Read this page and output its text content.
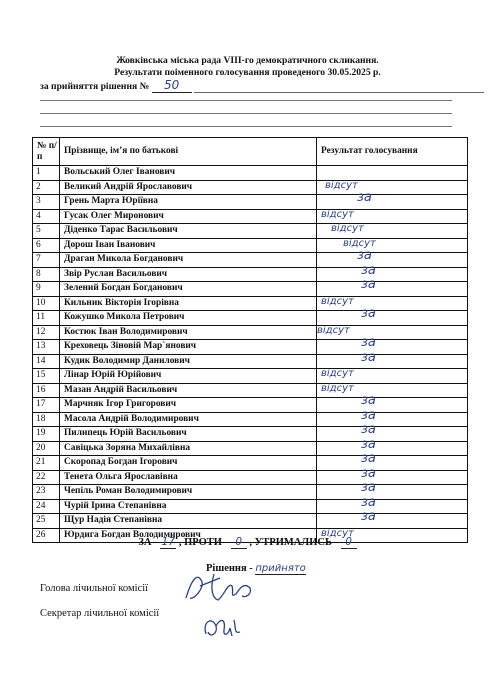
Жовківська міська рада VIII-го демократичного скликання.
Результати поіменного голосування проведеного 30.05.2025 р.
за прийняття рішення № 50
№ п/п	Прізвище, ім’я по батькові	Результат голосування
1	Вольський Олег Іванович	

2	Великий Андрій Ярославович	відсут

3	Грень Марта Юріївна	за

4	Гусак Олег Миронович	відсут

5	Діденко Тарас Васильович	відсут

6	Дорош Іван Іванович	відсут

7	Драган Микола Богданович	за

8	Звір Руслан Васильович	за

9	Зелений Богдан Богданович	за

10	Кильник Вікторія Ігорівна	відсут

11	Кожушко Микола Петрович	за

12	Костюк Іван Володимирович	відсут

13	Креховець Зіновій Мар`янович	за

14	Кудик Володимир Данилович	за

15	Лінар Юрій Юрійович	відсут

16	Мазан Андрій Васильович	відсут

17	Марчняк Ігор Григорович	за

18	Масола Андрій Володимирович	за

19	Пилипець Юрій Васильович	за

20	Савіцька Зоряна Михайлівна	за

21	Скоропад Богдан Ігорович	за

22	Тенета Ольга Ярославівна	за

23	Чепіль Роман Володимирович	за

24	Чурій Ірина Степанівна	за

25	Щур Надія Степанівна	за

26	Юрдига Богдан Володимирович	відсут
ЗА - 17 , ПРОТИ - 0 , УТРИМАЛИСЬ - 0
Рішення - прийнято
Голова лічильної комісії
Секретар лічильної комісії
